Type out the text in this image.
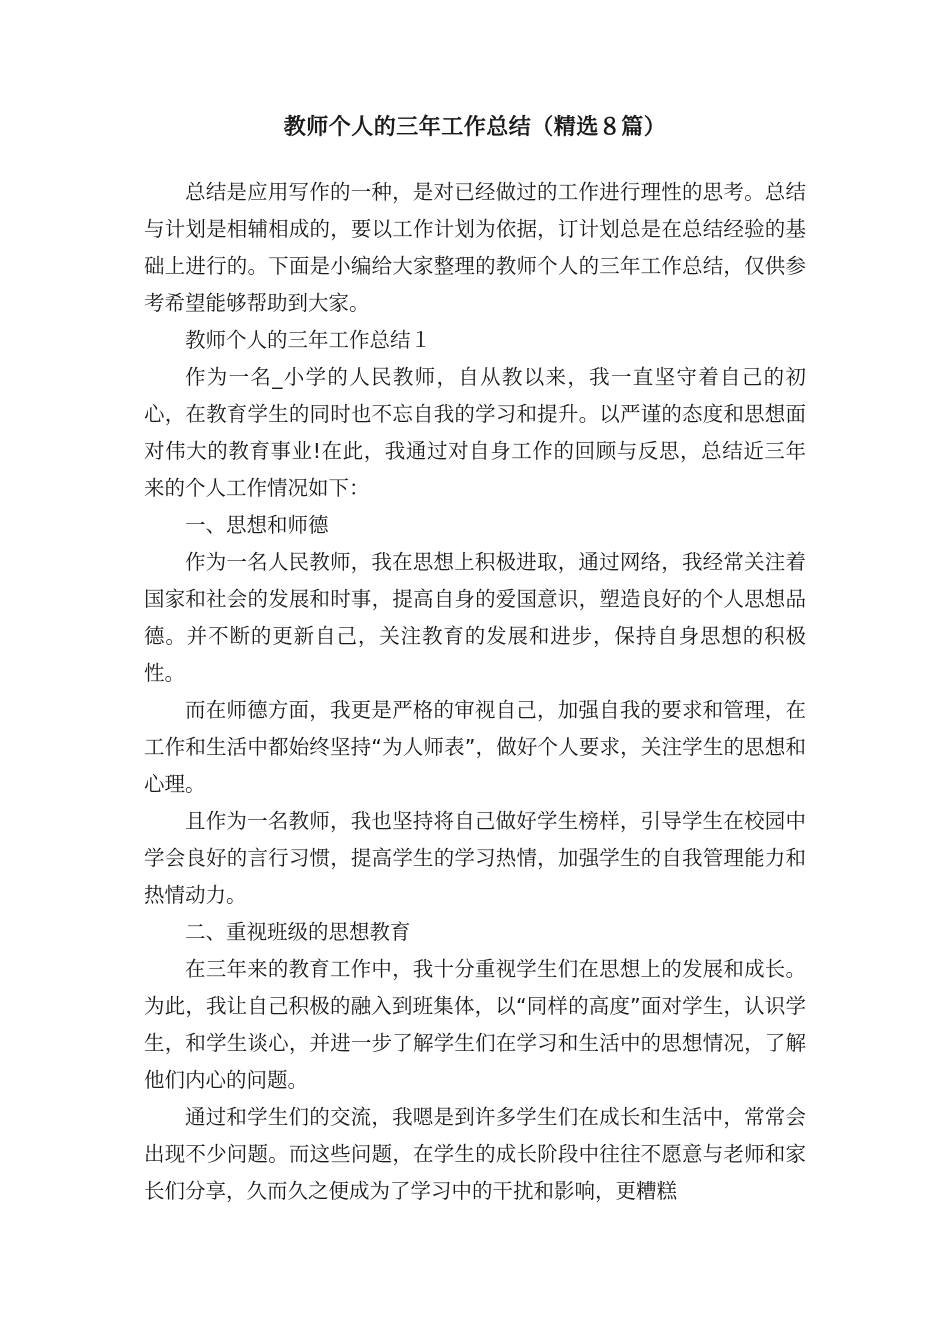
教师个人的三年工作总结（精选８篇）

总结是应用写作的一种，是对已经做过的工作进行理性的思考。总结与计划是相辅相成的，要以工作计划为依据，订计划总是在总结经验的基础上进行的。下面是小编给大家整理的教师个人的三年工作总结，仅供参考希望能够帮助到大家。

教师个人的三年工作总结１

作为一名_小学的人民教师，自从教以来，我一直坚守着自己的初心，在教育学生的同时也不忘自我的学习和提升。以严谨的态度和思想面对伟大的教育事业!在此，我通过对自身工作的回顾与反思，总结近三年来的个人工作情况如下：

一、思想和师德

作为一名人民教师，我在思想上积极进取，通过网络，我经常关注着国家和社会的发展和时事，提高自身的爱国意识，塑造良好的个人思想品德。并不断的更新自己，关注教育的发展和进步，保持自身思想的积极性。

而在师德方面，我更是严格的审视自己，加强自我的要求和管理，在工作和生活中都始终坚持“为人师表”，做好个人要求，关注学生的思想和心理。

且作为一名教师，我也坚持将自己做好学生榜样，引导学生在校园中学会良好的言行习惯，提高学生的学习热情，加强学生的自我管理能力和热情动力。

二、重视班级的思想教育

在三年来的教育工作中，我十分重视学生们在思想上的发展和成长。为此，我让自己积极的融入到班集体，以“同样的高度”面对学生，认识学生，和学生谈心，并进一步了解学生们在学习和生活中的思想情况，了解他们内心的问题。

通过和学生们的交流，我嗯是到许多学生们在成长和生活中，常常会出现不少问题。而这些问题，在学生的成长阶段中往往不愿意与老师和家长们分享，久而久之便成为了学习中的干扰和影响，更糟糕
